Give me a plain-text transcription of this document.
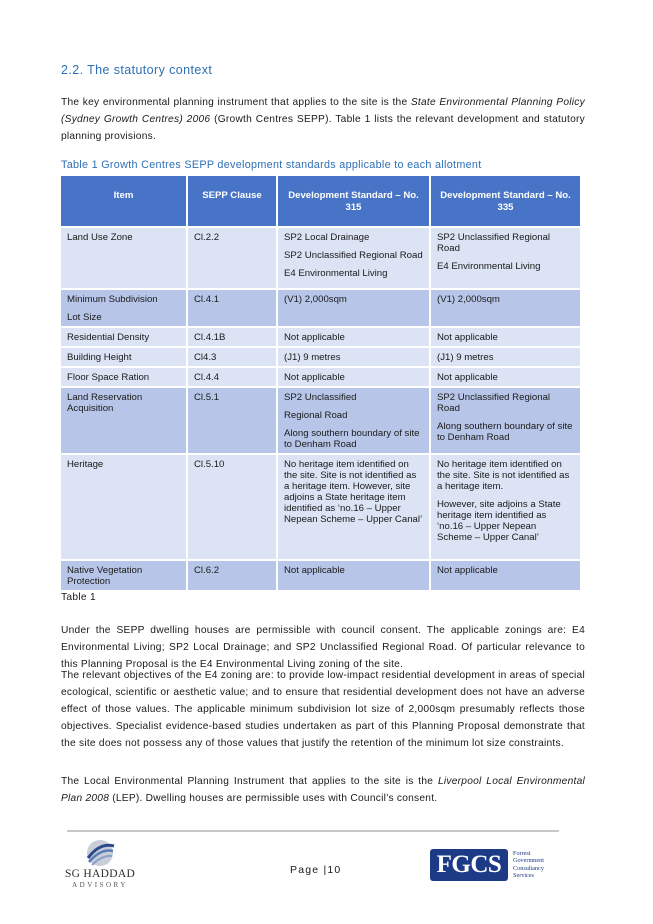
2.2. The statutory context

The key environmental planning instrument that applies to the site is the State Environmental Planning Policy (Sydney Growth Centres) 2006 (Growth Centres SEPP). Table 1 lists the relevant development and statutory planning provisions.

Table 1 Growth Centres SEPP development standards applicable to each allotment
Item	SEPP Clause	Development Standard – No. 315	Development Standard – No. 335

Land Use Zone	Cl.2.2	SP2 Local Drainage
SP2 Unclassified Regional Road
E4 Environmental Living	SP2 Unclassified Regional Road
E4 Environmental Living

Minimum Subdivision
Lot Size	Cl.4.1	(V1) 2,000sqm	(V1) 2,000sqm

Residential Density	Cl.4.1B	Not applicable	Not applicable

Building Height	Cl4.3	(J1) 9 metres	(J1) 9 metres

Floor Space Ration	Cl.4.4	Not applicable	Not applicable

Land Reservation Acquisition	Cl.5.1	SP2 Unclassified
Regional Road
Along southern boundary of site to Denham Road	SP2 Unclassified Regional Road
Along southern boundary of site to Denham Road

Heritage	Cl.5.10	No heritage item identified on the site. Site is not identified as a heritage item. However, site adjoins a State heritage item identified as ‘no.16 – Upper Nepean Scheme – Upper Canal’	No heritage item identified on the site. Site is not identified as a heritage item.
However, site adjoins a State heritage item identified as ‘no.16 – Upper Nepean Scheme – Upper Canal’

Native Vegetation Protection	Cl.6.2	Not applicable	Not applicable
Table 1

Under the SEPP dwelling houses are permissible with council consent. The applicable zonings are: E4 Environmental Living; SP2 Local Drainage; and SP2 Unclassified Regional Road. Of particular relevance to this Planning Proposal is the E4 Environmental Living zoning of the site.

The relevant objectives of the E4 zoning are: to provide low-impact residential development in areas of special ecological, scientific or aesthetic value; and to ensure that residential development does not have an adverse effect of those values. The applicable minimum subdivision lot size of 2,000sqm presumably reflects those objectives. Specialist evidence-based studies undertaken as part of this Planning Proposal demonstrate that the site does not possess any of those values that justify the retention of the minimum lot size constraints.

The Local Environmental Planning Instrument that applies to the site is the Liverpool Local Environmental Plan 2008 (LEP). Dwelling houses are permissible uses with Council’s consent.

SG HADDAD
ADVISORY
Page |10	FGCS	Forrest
Government
Consultancy
Services
